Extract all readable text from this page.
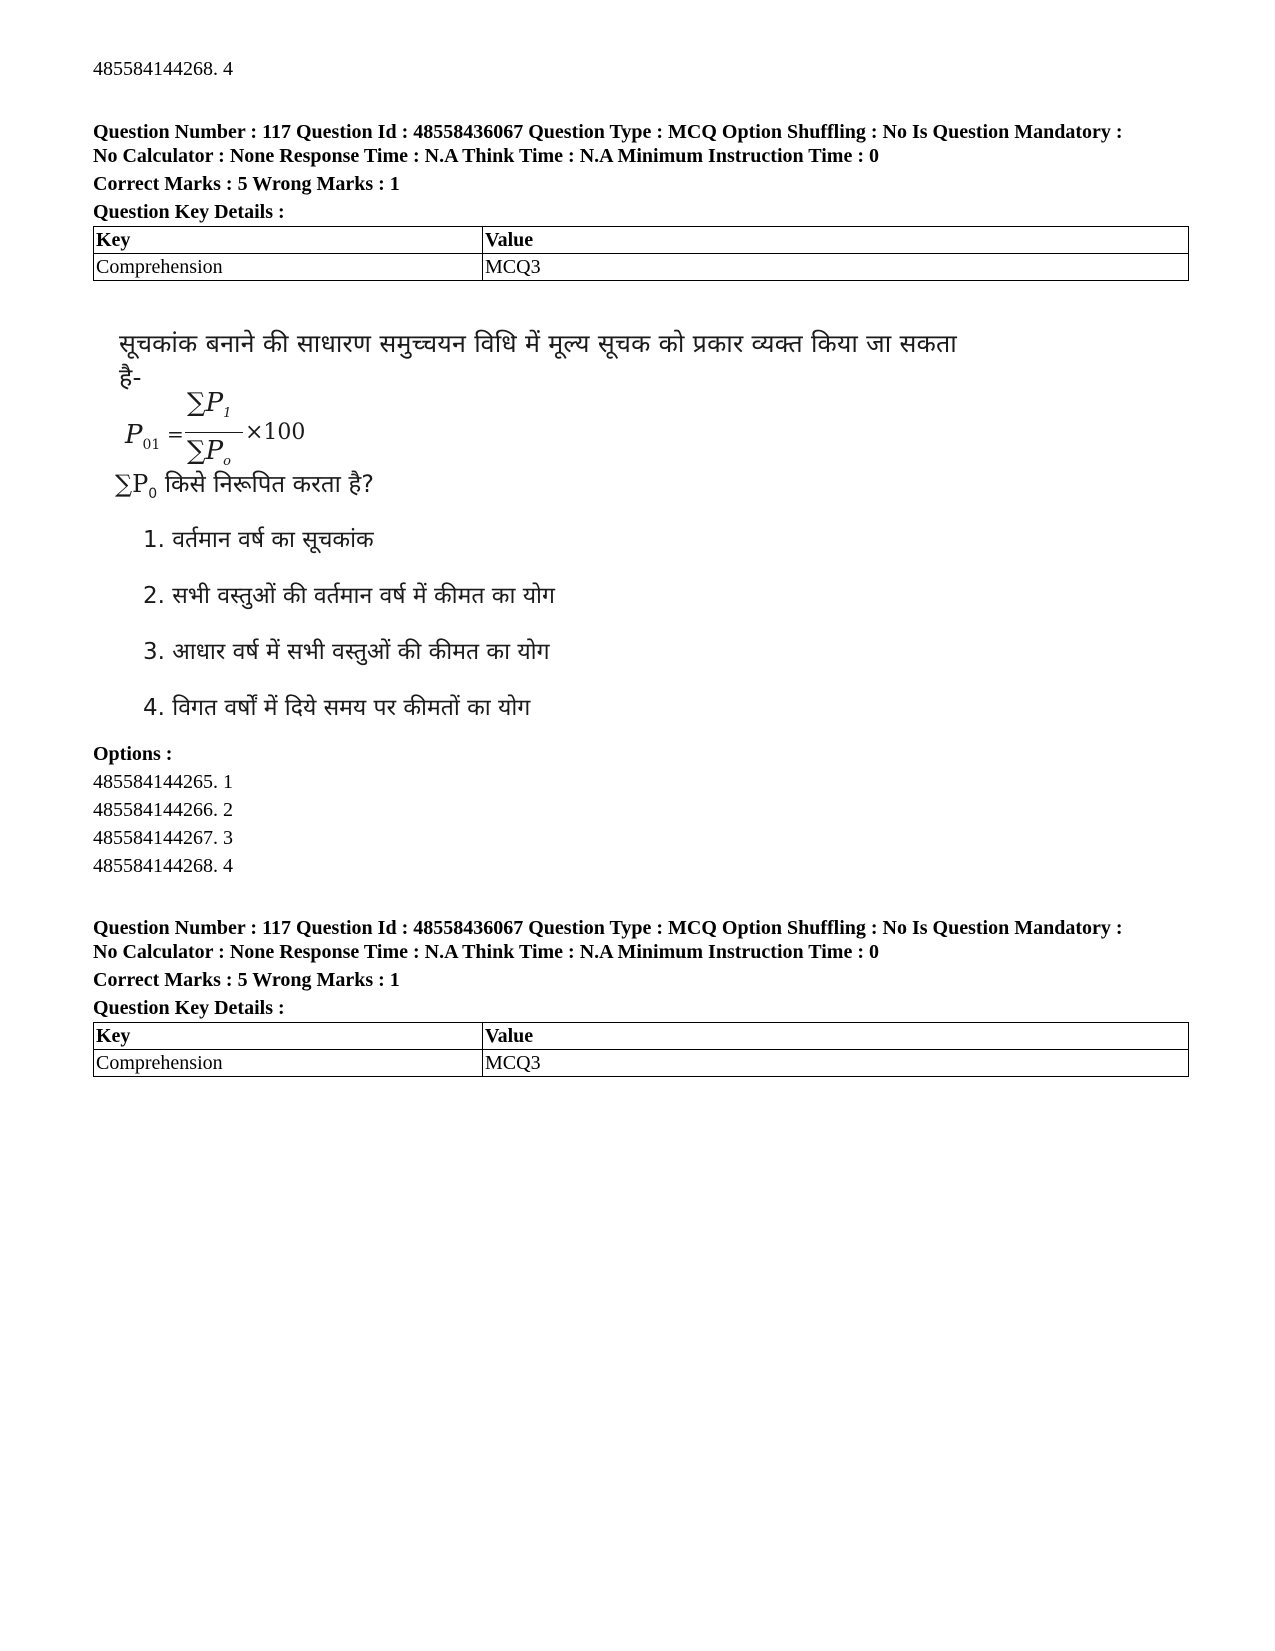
485584144268. 4
Question Number : 117 Question Id : 48558436067 Question Type : MCQ Option Shuffling : No Is Question Mandatory :
No Calculator : None Response Time : N.A Think Time : N.A Minimum Instruction Time : 0
Correct Marks : 5 Wrong Marks : 1
Question Key Details :
Key	Value
Comprehension	MCQ3
सूचकांक बनाने की साधारण समुच्चयन विधि में मूल्य सूचक को प्रकार व्यक्त किया जा सकता है-
$P_{01}$ =
$\sum P_1$
$\sum P_o$
×100
$\sum P_0$ किसे निरूपित करता है?
1. वर्तमान वर्ष का सूचकांक
2. सभी वस्तुओं की वर्तमान वर्ष में कीमत का योग
3. आधार वर्ष में सभी वस्तुओं की कीमत का योग
4. विगत वर्षों में दिये समय पर कीमतों का योग
Options :
485584144265. 1
485584144266. 2
485584144267. 3
485584144268. 4
Question Number : 117 Question Id : 48558436067 Question Type : MCQ Option Shuffling : No Is Question Mandatory :
No Calculator : None Response Time : N.A Think Time : N.A Minimum Instruction Time : 0
Correct Marks : 5 Wrong Marks : 1
Question Key Details :
Key	Value
Comprehension	MCQ3
